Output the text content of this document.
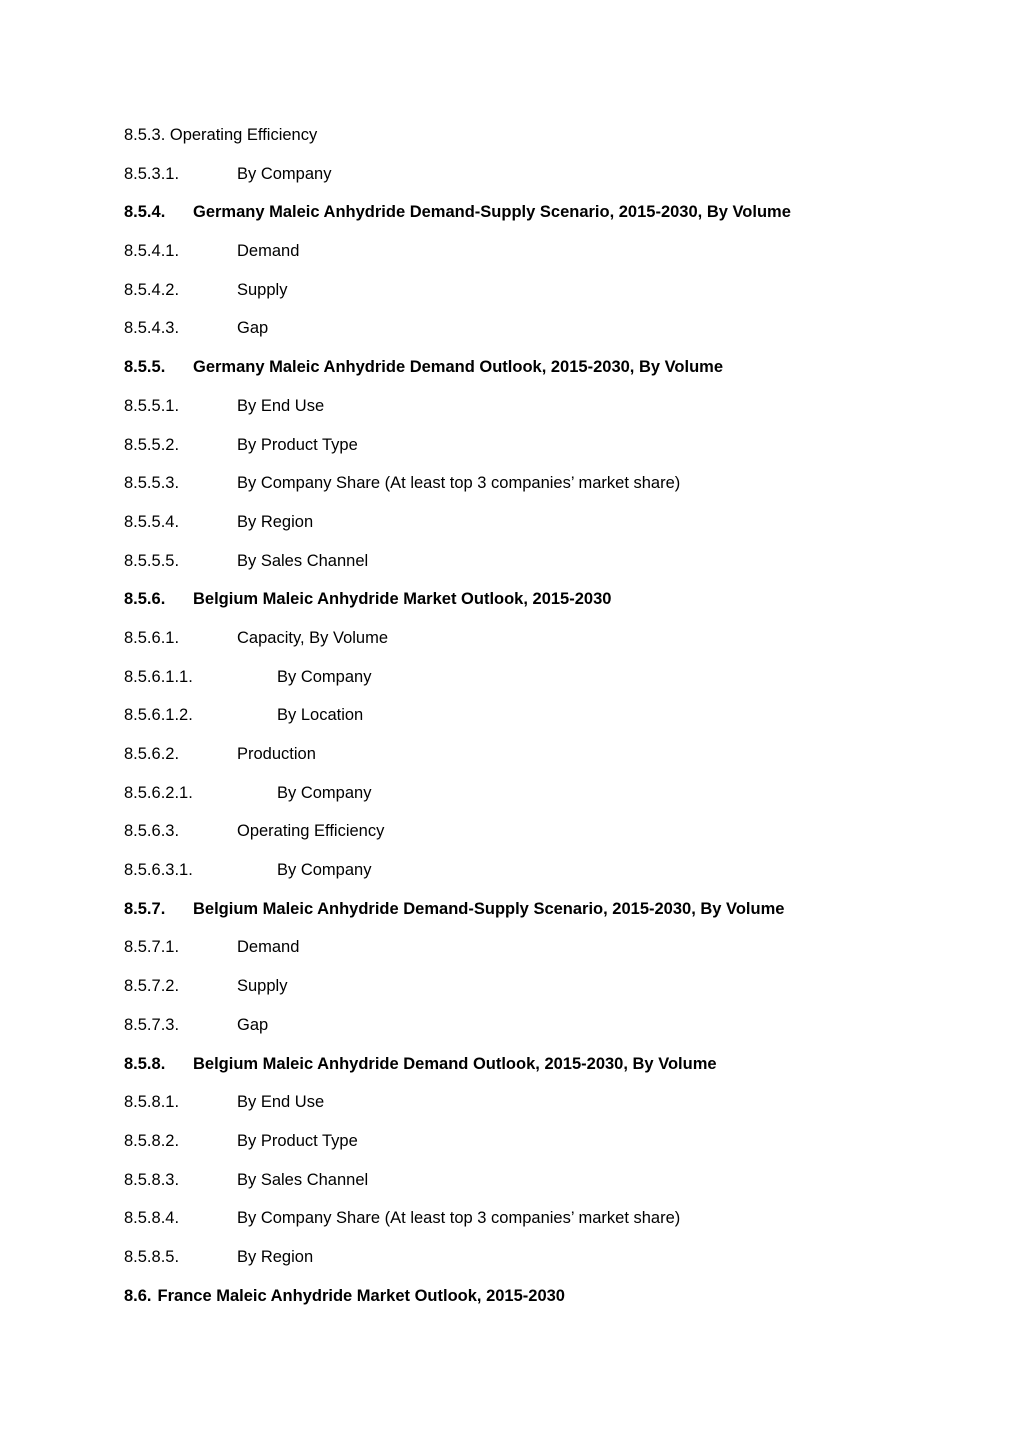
8.5.3. Operating Efficiency
8.5.3.1.	By Company
8.5.4.	Germany Maleic Anhydride Demand-Supply Scenario, 2015-2030, By Volume
8.5.4.1.	Demand
8.5.4.2.	Supply
8.5.4.3.	Gap
8.5.5.	Germany Maleic Anhydride Demand Outlook, 2015-2030, By Volume
8.5.5.1.	By End Use
8.5.5.2.	By Product Type
8.5.5.3.	By Company Share (At least top 3 companies’ market share)
8.5.5.4.	By Region
8.5.5.5.	By Sales Channel
8.5.6.	Belgium Maleic Anhydride Market Outlook, 2015-2030
8.5.6.1.	Capacity, By Volume
8.5.6.1.1.	By Company
8.5.6.1.2.	By Location
8.5.6.2.	Production
8.5.6.2.1.	By Company
8.5.6.3.	Operating Efficiency
8.5.6.3.1.	By Company
8.5.7.	Belgium Maleic Anhydride Demand-Supply Scenario, 2015-2030, By Volume
8.5.7.1.	Demand
8.5.7.2.	Supply
8.5.7.3.	Gap
8.5.8.	Belgium Maleic Anhydride Demand Outlook, 2015-2030, By Volume
8.5.8.1.	By End Use
8.5.8.2.	By Product Type
8.5.8.3.	By Sales Channel
8.5.8.4.	By Company Share (At least top 3 companies’ market share)
8.5.8.5.	By Region
8.6. France Maleic Anhydride Market Outlook, 2015-2030
